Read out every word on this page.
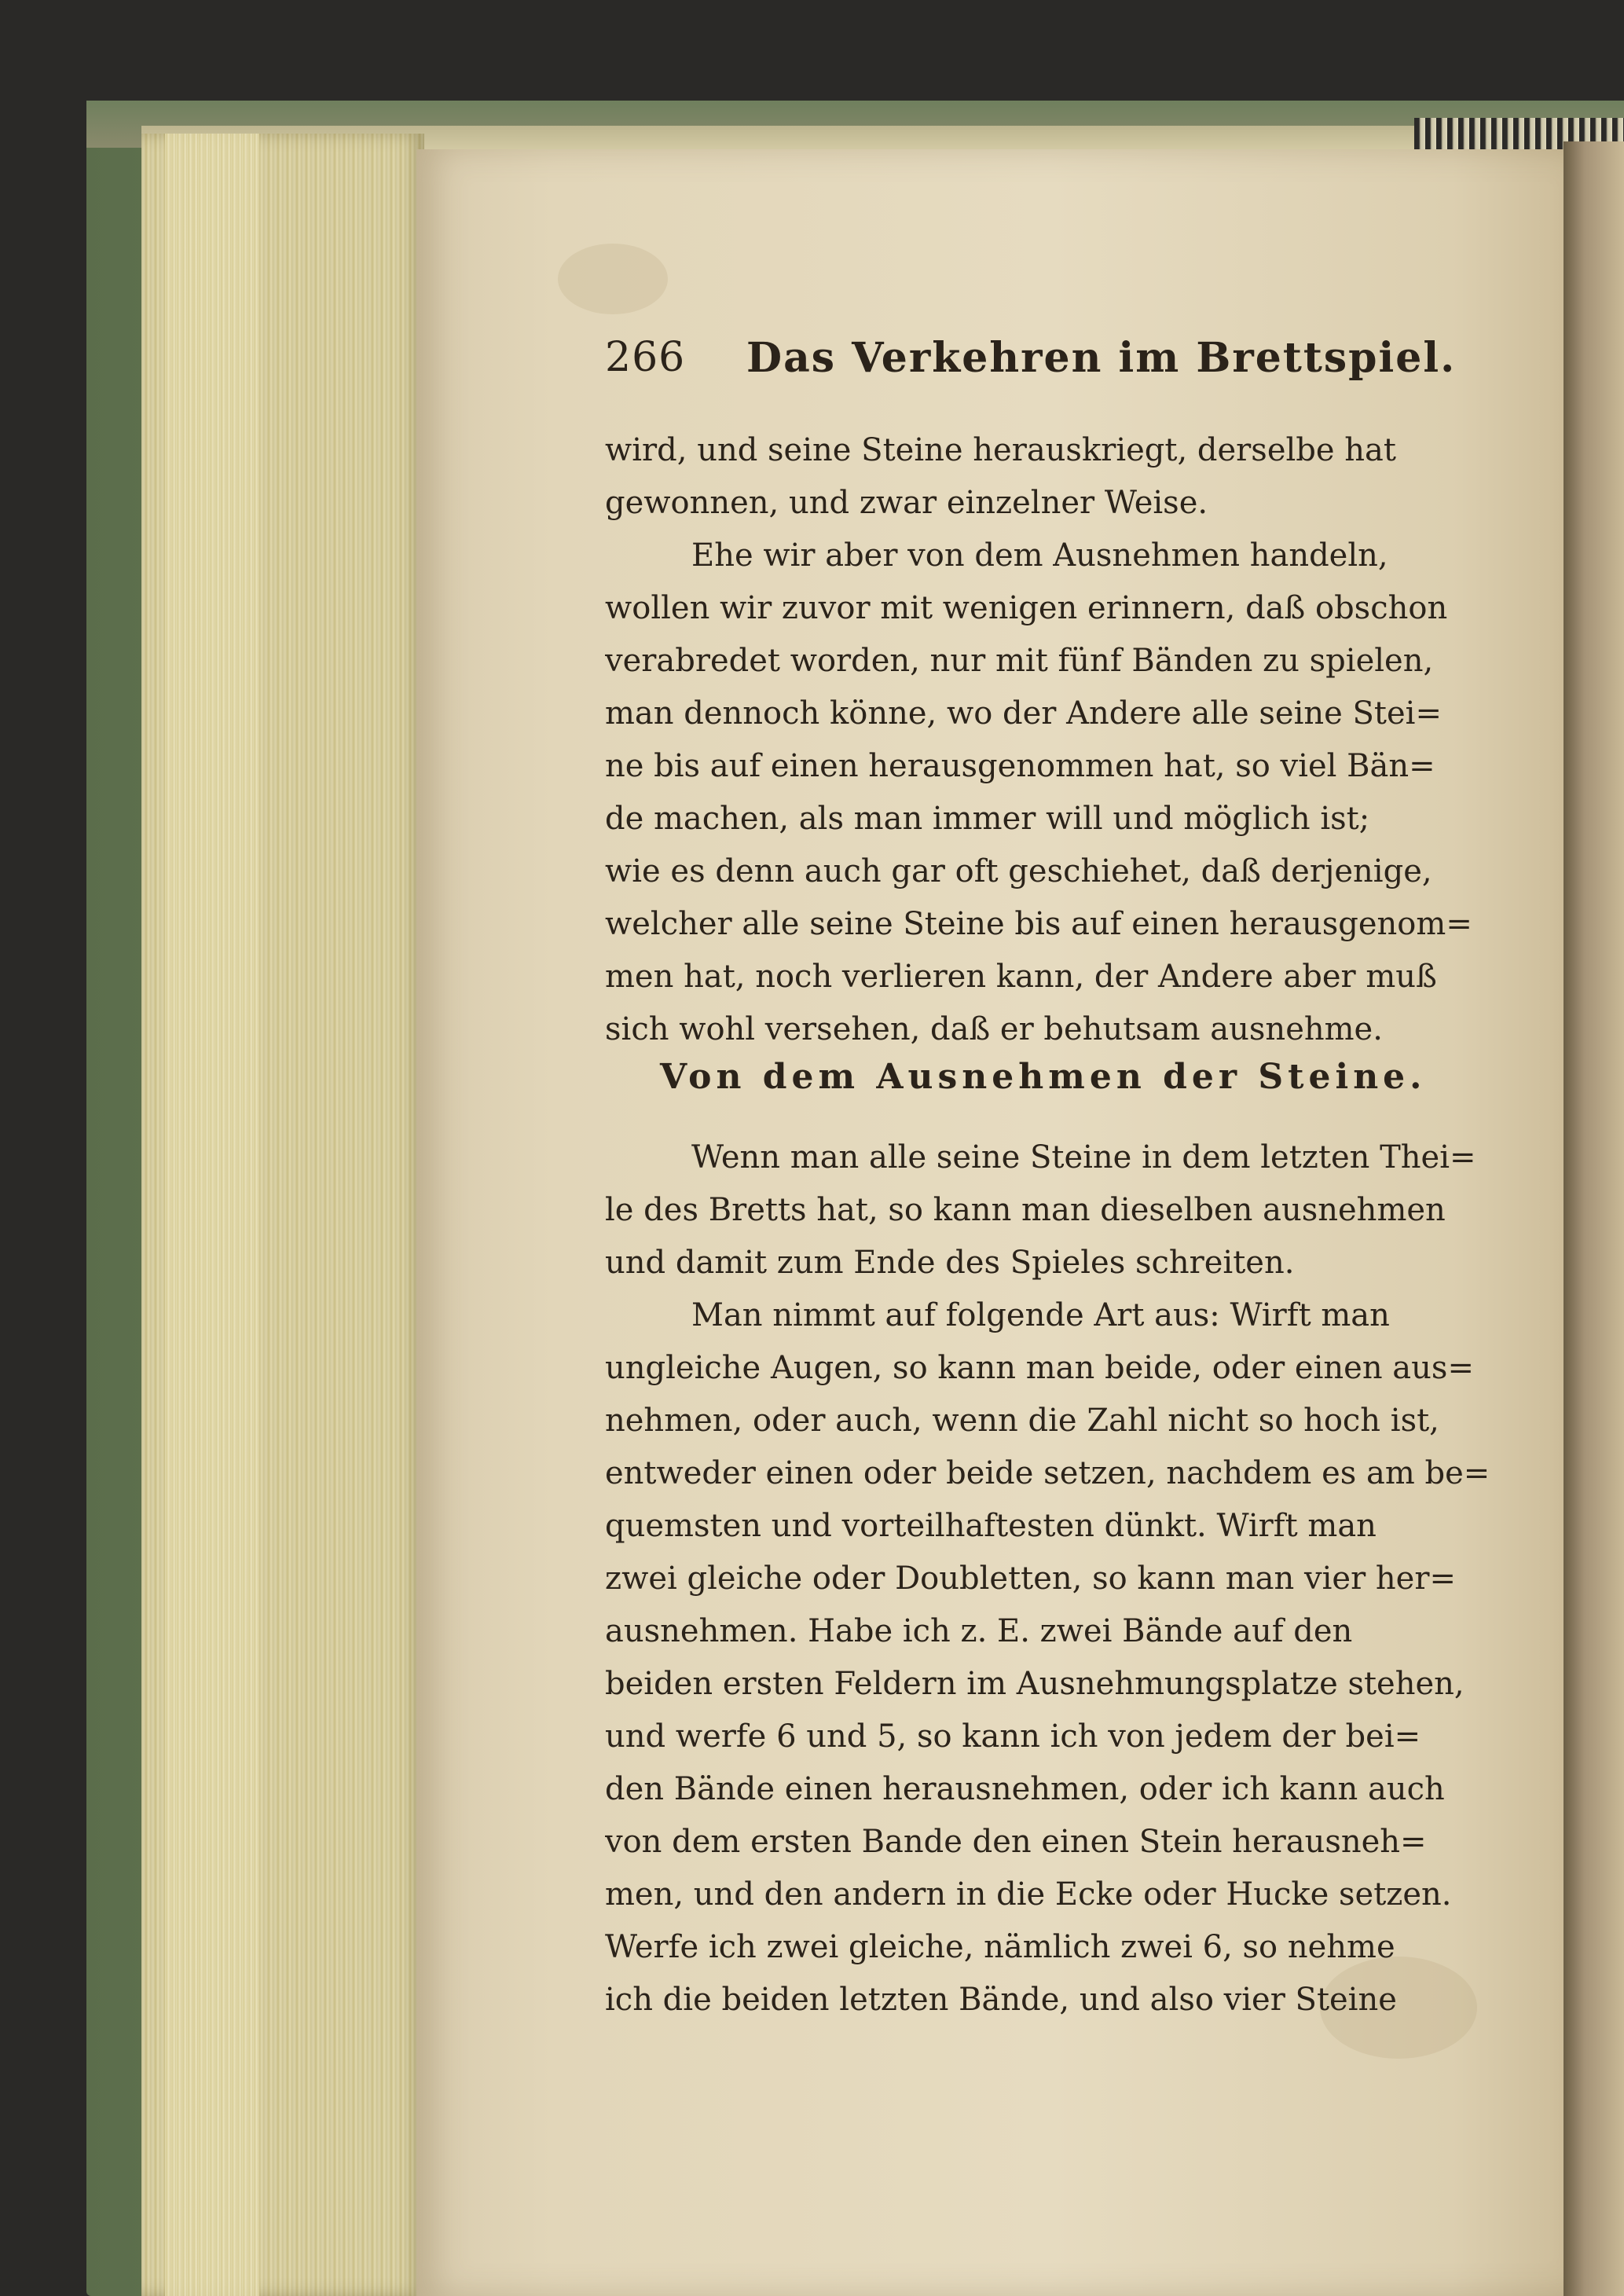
266 Das Verkehren im Brettspiel.
wird, und seine Steine herauskriegt, derselbe hat
gewonnen, und zwar einzelner Weise.
Ehe wir aber von dem Ausnehmen handeln,
wollen wir zuvor mit wenigen erinnern, daß obschon
verabredet worden, nur mit fünf Bänden zu spielen,
man dennoch könne, wo der Andere alle seine Stei=
ne bis auf einen herausgenommen hat, so viel Bän=
de machen, als man immer will und möglich ist;
wie es denn auch gar oft geschiehet, daß derjenige,
welcher alle seine Steine bis auf einen herausgenom=
men hat, noch verlieren kann, der Andere aber muß
sich wohl versehen, daß er behutsam ausnehme.
Von dem Ausnehmen der Steine.
Wenn man alle seine Steine in dem letzten Thei=
le des Bretts hat, so kann man dieselben ausnehmen
und damit zum Ende des Spieles schreiten.
Man nimmt auf folgende Art aus: Wirft man
ungleiche Augen, so kann man beide, oder einen aus=
nehmen, oder auch, wenn die Zahl nicht so hoch ist,
entweder einen oder beide setzen, nachdem es am be=
quemsten und vorteilhaftesten dünkt. Wirft man
zwei gleiche oder Doubletten, so kann man vier her=
ausnehmen. Habe ich z. E. zwei Bände auf den
beiden ersten Feldern im Ausnehmungsplatze stehen,
und werfe 6 und 5, so kann ich von jedem der bei=
den Bände einen herausnehmen, oder ich kann auch
von dem ersten Bande den einen Stein herausneh=
men, und den andern in die Ecke oder Hucke setzen.
Werfe ich zwei gleiche, nämlich zwei 6, so nehme
ich die beiden letzten Bände, und also vier Steine
